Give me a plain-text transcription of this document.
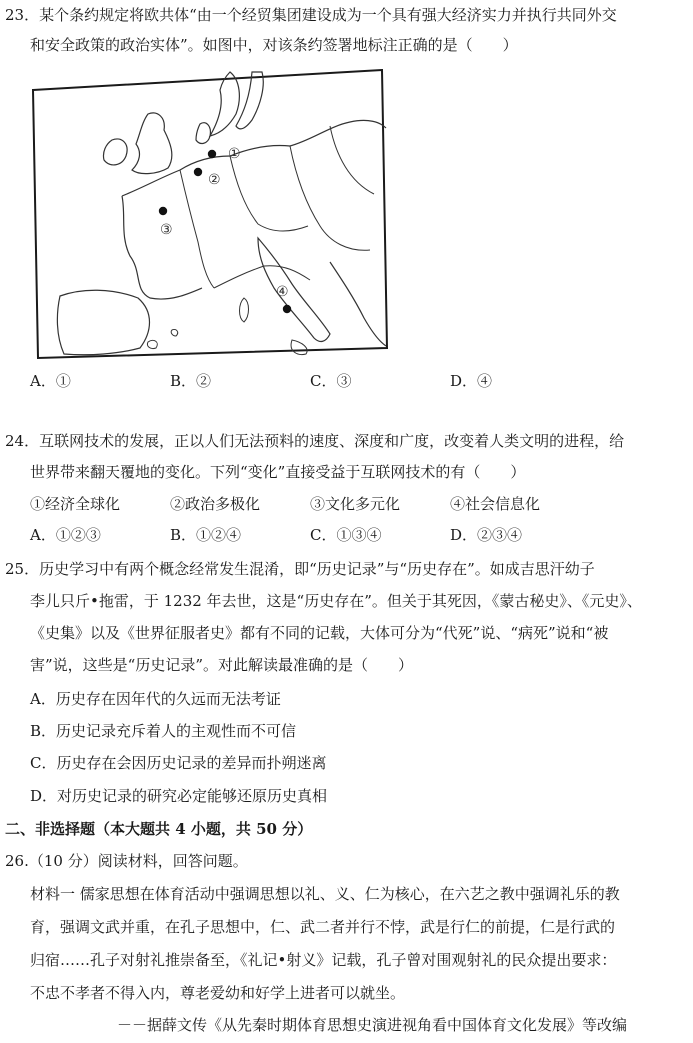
23．某个条约规定将欧共体“由一个经贸集团建设成为一个具有强大经济实力并执行共同外交
和安全政策的政治实体”。如图中，对该条约签署地标注正确的是（　　）
①
②
③
④
A．①	B．②	C．③	D．④
24．互联网技术的发展，正以人们无法预料的速度、深度和广度，改变着人类文明的进程，给
世界带来翻天覆地的变化。下列“变化”直接受益于互联网技术的有（　　）
①经济全球化	②政治多极化	③文化多元化	④社会信息化
A．①②③	B．①②④	C．①③④	D．②③④
25．历史学习中有两个概念经常发生混淆，即“历史记录”与“历史存在”。如成吉思汗幼子
李儿只斤•拖雷，于 1232 年去世，这是“历史存在”。但关于其死因，《蒙古秘史》、《元史》、
《史集》以及《世界征服者史》都有不同的记载，大体可分为“代死”说、“病死”说和“被
害”说，这些是“历史记录”。对此解读最准确的是（　　）
A．历史存在因年代的久远而无法考证
B．历史记录充斥着人的主观性而不可信
C．历史存在会因历史记录的差异而扑朔迷离
D．对历史记录的研究必定能够还原历史真相
二、非选择题（本大题共 4 小题，共 50 分）
26.（10 分）阅读材料，回答问题。
材料一 儒家思想在体育活动中强调思想以礼、义、仁为核心，在六艺之教中强调礼乐的教
育，强调文武并重，在孔子思想中，仁、武二者并行不悖，武是行仁的前提，仁是行武的
归宿……孔子对射礼推崇备至，《礼记•射义》记载，孔子曾对围观射礼的民众提出要求：
不忠不孝者不得入内，尊老爱幼和好学上进者可以就坐。
－－据薛文传《从先秦时期体育思想史演进视角看中国体育文化发展》等改编
